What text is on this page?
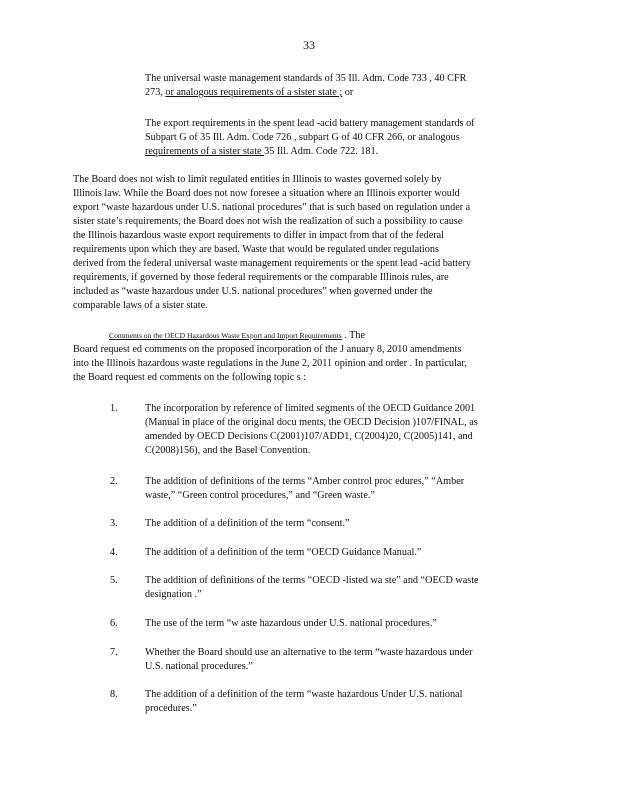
33

The universal waste management standards of 35 Ill. Adm. Code 733 , 40 CFR

273, or analogous requirements of a sister state ; or

The export requirements in the spent lead -acid battery management standards of

Subpart G of 35 Ill. Adm. Code 726 , subpart G of 40 CFR 266, or analogous

requirements of a sister state 35 Ill. Adm. Code 722. 181.

The Board does not wish to limit regulated entities in Illinois to wastes governed solely by

Illinois law. While the Board does not now foresee a situation where an Illinois exporter would

export “waste hazardous under U.S. national procedures” that is such based on regulation under a

sister state’s requirements, the Board does not wish the realization of such a possibility to cause

the Illinois hazardous waste export requirements to differ in impact from that of the federal

requirements upon which they are based. Waste that would be regulated under regulations

derived from the federal universal waste management requirements or the spent lead -acid battery

requirements, if governed by those federal requirements or the comparable Illinois rules, are

included as “waste hazardous under U.S. national procedures” when governed under the

comparable laws of a sister state.

Comments on the OECD Hazardous Waste Export and Import Requirements . The

Board request ed comments on the proposed incorporation of the J anuary 8, 2010 amendments

into the Illinois hazardous waste regulations in the June 2, 2011 opinion and order . In particular,

the Board request ed comments on the following topic s :

1.	The incorporation by reference of limited segments of the OECD Guidance 2001
(Manual in place of the original docu ments, the OECD Decision )107/FINAL, as
amended by OECD Decisions C(2001)107/ADD1, C(2004)20, C(2005)141, and
C(2008)156), and the Basel Convention.
2.	The addition of definitions of the terms “Amber control proc edures,” “Amber
waste,” “Green control procedures,” and “Green waste.”
3.	The addition of a definition of the term “consent.”
4.	The addition of a definition of the term “OECD Guidance Manual.”
5.	The addition of definitions of the terms “OECD -listed wa ste” and “OECD waste
designation .”
6.	The use of the term “w aste hazardous under U.S. national procedures.”
7.	Whether the Board should use an alternative to the term “waste hazardous under
U.S. national procedures.”
8.	The addition of a definition of the term “waste hazardous Under U.S. national
procedures.”
